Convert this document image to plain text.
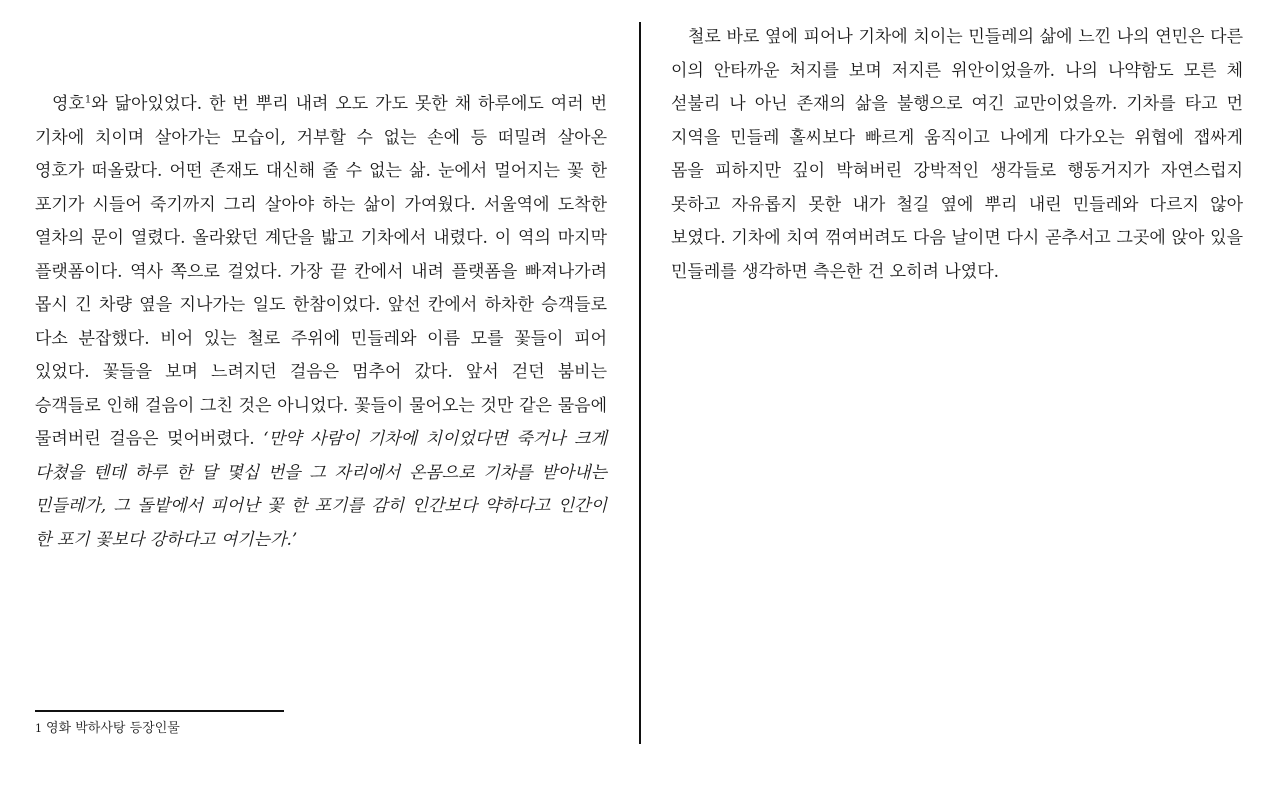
영호$^1$와 닮아있었다. 한 번 뿌리 내려 오도 가도 못한 채 하루에도 여러 번 기차에 치이며 살아가는 모습이, 거부할 수 없는 손에 등 떠밀려 살아온 영호가 떠올랐다. 어떤 존재도 대신해 줄 수 없는 삶. 눈에서 멀어지는 꽃 한 포기가 시들어 죽기까지 그리 살아야 하는 삶이 가여웠다. 서울역에 도착한 열차의 문이 열렸다. 올라왔던 계단을 밟고 기차에서 내렸다. 이 역의 마지막 플랫폼이다. 역사 쪽으로 걸었다. 가장 끝 칸에서 내려 플랫폼을 빠져나가려 몹시 긴 차량 옆을 지나가는 일도 한참이었다. 앞선 칸에서 하차한 승객들로 다소 분잡했다. 비어 있는 철로 주위에 민들레와 이름 모를 꽃들이 피어 있었다. 꽃들을 보며 느려지던 걸음은 멈추어 갔다. 앞서 걷던 붐비는 승객들로 인해 걸음이 그친 것은 아니었다. 꽃들이 물어오는 것만 같은 물음에 물려버린 걸음은 멎어버렸다. ‘만약 사람이 기차에 치이었다면 죽거나 크게 다쳤을 텐데 하루 한 달 몇십 번을 그 자리에서 온몸으로 기차를 받아내는 민들레가, 그 돌밭에서 피어난 꽃 한 포기를 감히 인간보다 약하다고 인간이 한 포기 꽃보다 강하다고 여기는가.’
철로 바로 옆에 피어나 기차에 치이는 민들레의 삶에 느낀 나의 연민은 다른 이의 안타까운 처지를 보며 저지른 위안이었을까. 나의 나약함도 모른 체 섣불리 나 아닌 존재의 삶을 불행으로 여긴 교만이었을까. 기차를 타고 먼 지역을 민들레 홀씨보다 빠르게 움직이고 나에게 다가오는 위협에 잽싸게 몸을 피하지만 깊이 박혀버린 강박적인 생각들로 행동거지가 자연스럽지 못하고 자유롭지 못한 내가 철길 옆에 뿌리 내린 민들레와 다르지 않아 보였다. 기차에 치여 꺾여버려도 다음 날이면 다시 곧추서고 그곳에 앉아 있을 민들레를 생각하면 측은한 건 오히려 나였다.
1 영화 박하사탕 등장인물
